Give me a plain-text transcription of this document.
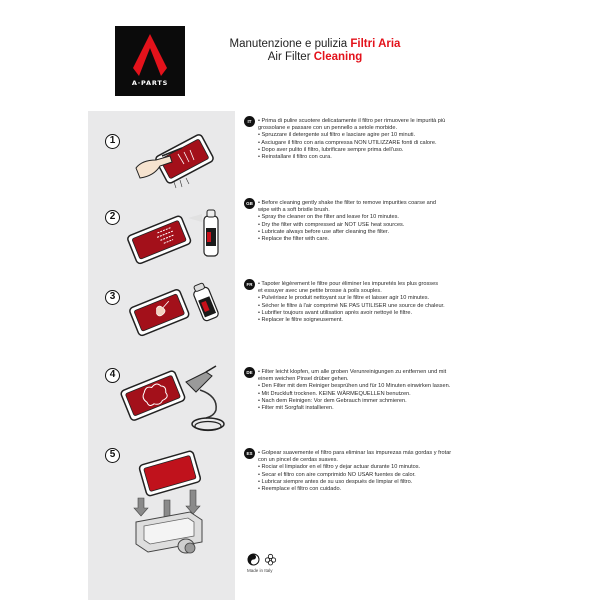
A·PARTS
Manutenzione e pulizia Filtri Aria
Air Filter Cleaning
1
2
3
4
5
IT	• Prima di pulire scuotere delicatamente il filtro per rimuovere le impurità più
grossolane e passare con un pennello a setole morbide.
• Spruzzare il detergente sul filtro e lasciare agire per 10 minuti.
• Asciugare il filtro con aria compressa NON UTILIZZARE fonti di calore.
• Dopo aver pulito il filtro, lubrificare sempre prima dell'uso.
• Reinstallare il filtro con cura.
GB	• Before cleaning gently shake the filter to remove impurities coarse and
wipe with a soft bristle brush.
• Spray the cleaner on the filter and leave for 10 minutes.
• Dry the filter with compressed air NOT USE heat sources.
• Lubricate always before use after cleaning the filter.
• Replace the filter with care.
FR	• Tapoter légèrement le filtre pour éliminer les impuretés les plus grosses
et essuyer avec une petite brosse à poils souples.
• Pulvérisez le produit nettoyant sur le filtre et laisser agir 10 minutes.
• Sécher le filtre à l'air comprimé NE PAS UTILISER une source de chaleur.
• Lubrifier toujours avant utilisation après avoir nettoyé le filtre.
• Replacer le filtre soigneusement.
DE	• Filter leicht klopfen, um alle groben Verunreinigungen zu entfernen und mit
einem weichen Pinsel drüber gehen.
• Den Filter mit dem Reiniger besprühen und für 10 Minuten einwirken lassen.
• Mit Druckluft trocknen. KEINE WÄRMEQUELLEN benutzen.
• Nach dem Reinigen: Vor dem Gebrauch immer schmieren.
• Filter mit Sorgfalt installieren.
ES	• Golpear suavemente el filtro para eliminar las impurezas más gordas y frotar
con un pincel de cerdas suaves.
• Rociar el limpiador en el filtro y dejar actuar durante 10 minutos.
• Secar el filtro con aire comprimido NO USAR fuentes de calor.
• Lubricar siempre antes de su uso después de limpiar el filtro.
• Reemplace el filtro con cuidado.
Made in Italy
